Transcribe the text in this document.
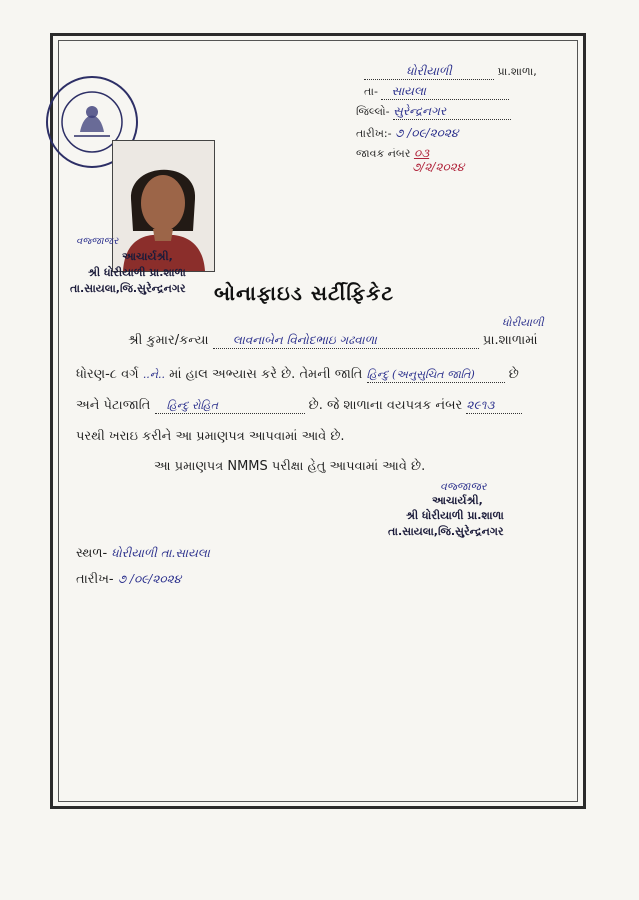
ધોરીયાળી	પ્રા.શાળા,
તા- સાયલા
જિલ્લો- સુરેન્દ્રનગર
તારીખ:- ૭ /૦૯/૨૦૨૪
જાવક નંબર ૦૩
૭/૨/૨૦૨૪
વજ્જાજર
આચાર્યશ્રી,
શ્રી ધોરીયાળી પ્રા.શાળા
તા.સાયલા,જિ.સુરેન્દ્રનગર બોનાફાઇડ સર્ટીફિકેટ
ધોરીયાળી
શ્રી કુમાર/કન્યા લાવનાબેન વિનોદભાઇ ગઢવાળા	પ્રા.શાળામાં
ધોરણ-૮ વર્ગ ..ને.. માં હાલ અભ્યાસ કરે છે. તેમની જાતિ હિન્દુ (અનુસુચિત જાતિ)	છે
અને પેટાજાતિ હિન્દુ રોહિત	છે. જે શાળાના વયપત્રક નંબર ૨૯૧૩
પરથી ખરાઇ કરીને આ પ્રમાણપત્ર આપવામાં આવે છે.
આ પ્રમાણપત્ર NMMS પરીક્ષા હેતુ આપવામાં આવે છે.
વજ્જાજર
આચાર્યશ્રી,
શ્રી ધોરીયાળી પ્રા.શાળા
તા.સાયલા,જિ.સુરેન્દ્રનગર
સ્થળ- ધોરીયાળી તા.સાયલા
તારીખ- ૭ /૦૯/૨૦૨૪
